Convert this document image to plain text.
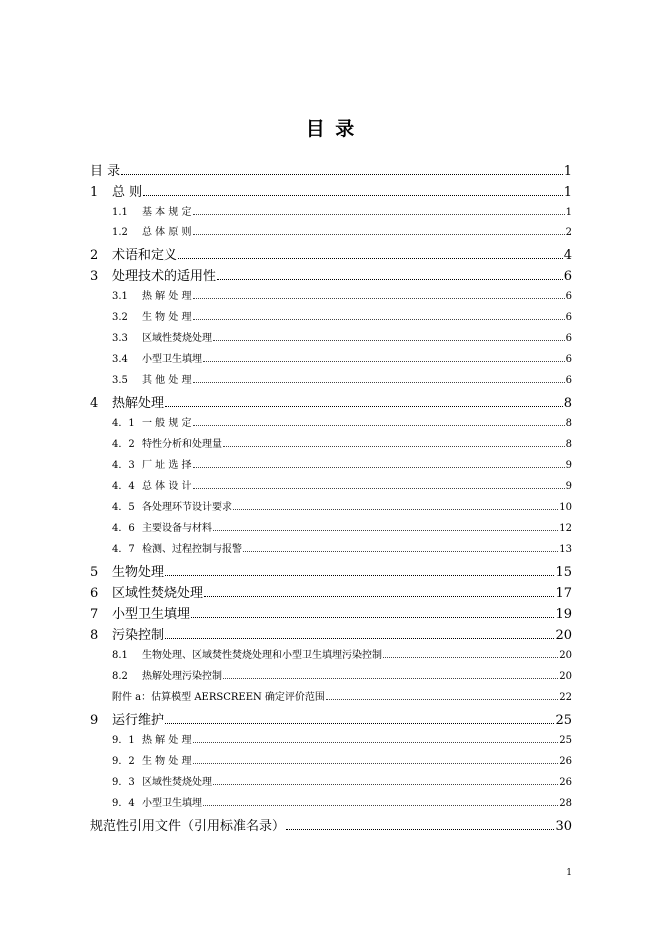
目 录
目 录	1
1	总 则	1
1.1	基 本 规 定	1
1.2	总 体 原 则	2
2	术语和定义	4
3	处理技术的适用性	6
3.1	热 解 处 理	6
3.2	生 物 处 理	6
3.3	区域性焚烧处理	6
3.4	小型卫生填埋	6
3.5	其 他 处 理	6
4	热解处理	8
4．1 一 般 规 定	8
4．2 特性分析和处理量	8
4．3 厂 址 选 择	9
4．4 总 体 设 计	9
4．5 各处理环节设计要求	10
4．6 主要设备与材料	12
4．7 检测、过程控制与报警	13
5	生物处理	15
6	区域性焚烧处理	17
7	小型卫生填埋	19
8	污染控制	20
8.1	生物处理、区域焚性焚烧处理和小型卫生填埋污染控制	20
8.2	热解处理污染控制	20
附件 a：估算模型 AERSCREEN 确定评价范围	22
9	运行维护	25
9．1 热 解 处 理	25
9．2 生 物 处 理	26
9．3 区域性焚烧处理	26
9．4 小型卫生填埋	28
规范性引用文件（引用标准名录）	30
1
